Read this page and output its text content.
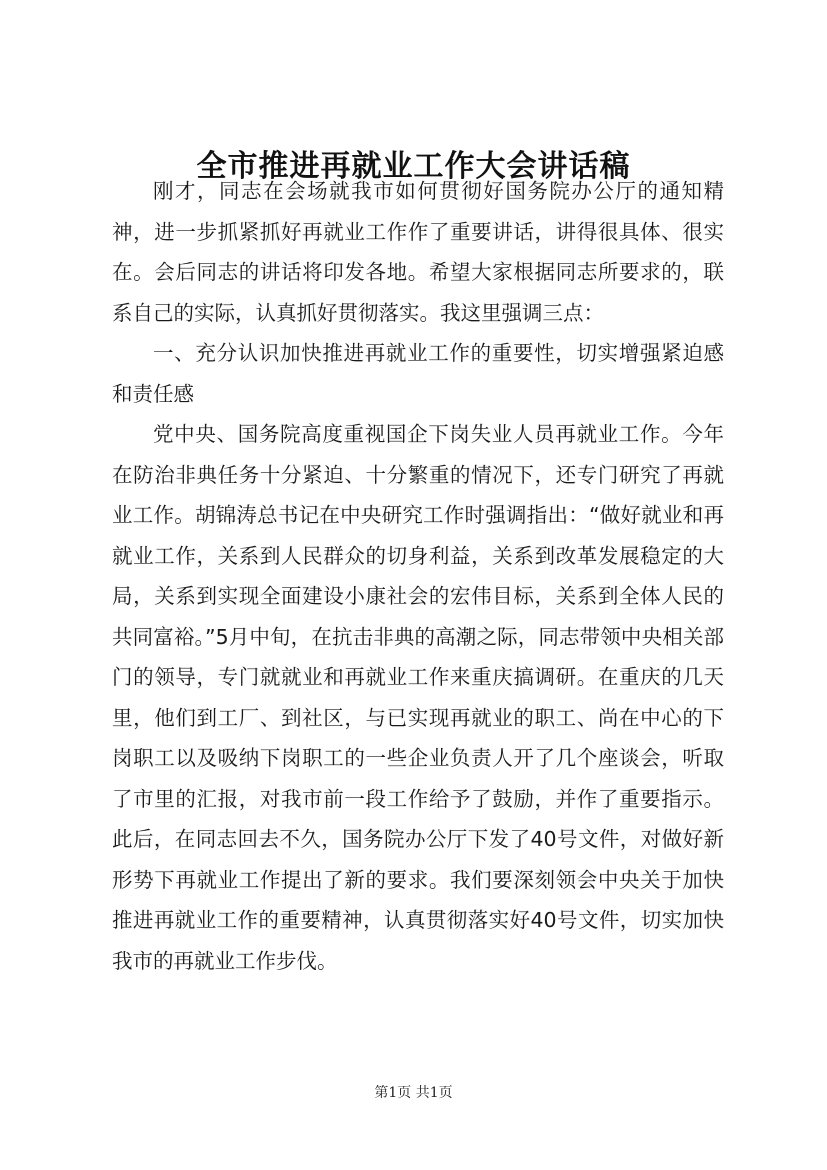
全市推进再就业工作大会讲话稿

刚才，同志在会场就我市如何贯彻好国务院办公厅的通知精神，进一步抓紧抓好再就业工作作了重要讲话，讲得很具体、很实在。会后同志的讲话将印发各地。希望大家根据同志所要求的，联系自己的实际，认真抓好贯彻落实。我这里强调三点：

一、充分认识加快推进再就业工作的重要性，切实增强紧迫感和责任感

党中央、国务院高度重视国企下岗失业人员再就业工作。今年在防治非典任务十分紧迫、十分繁重的情况下，还专门研究了再就业工作。胡锦涛总书记在中央研究工作时强调指出：“做好就业和再就业工作，关系到人民群众的切身利益，关系到改革发展稳定的大局，关系到实现全面建设小康社会的宏伟目标，关系到全体人民的共同富裕。”5月中旬，在抗击非典的高潮之际，同志带领中央相关部门的领导，专门就就业和再就业工作来重庆搞调研。在重庆的几天里，他们到工厂、到社区，与已实现再就业的职工、尚在中心的下岗职工以及吸纳下岗职工的一些企业负责人开了几个座谈会，听取了市里的汇报，对我市前一段工作给予了鼓励，并作了重要指示。此后，在同志回去不久，国务院办公厅下发了40号文件，对做好新形势下再就业工作提出了新的要求。我们要深刻领会中央关于加快推进再就业工作的重要精神，认真贯彻落实好40号文件，切实加快我市的再就业工作步伐。

第1页 共1页
